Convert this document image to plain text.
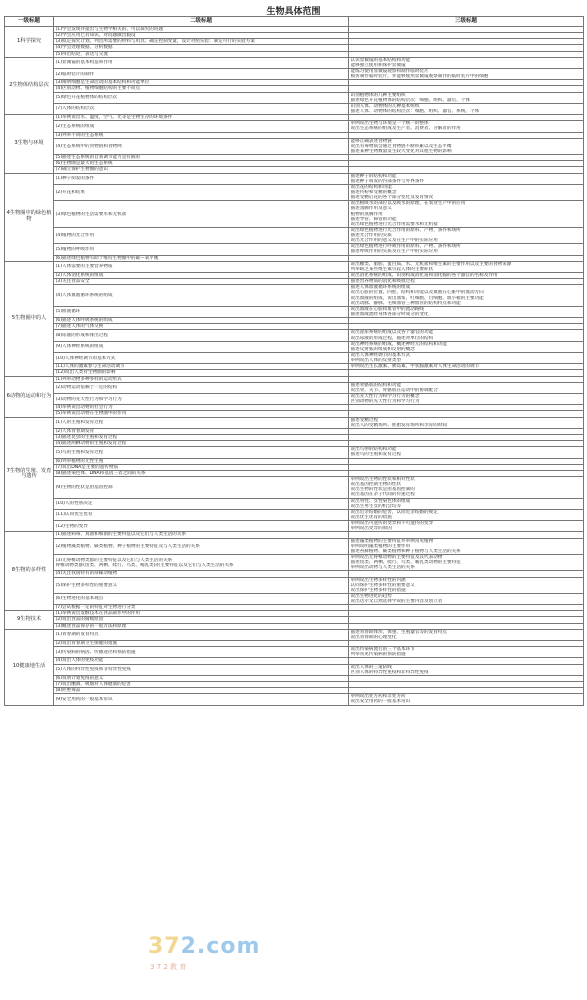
生物具体范围
一级标题	二级标题	三级标题
1科学探究	(1)学会发现并提出与生物学相关的、可以探究的问题	

	(2)学会应用已有知识，对问题做出假设	

	(3)拟定探究计划，列出所需要的材料与用具；确定控制变量，设计对照实验；制定可行的实验方案	

	(4)学会处理数据，分析数据	

	(5)得出结论，表达与交流	

2生物体结构层次	(1)显微镜的基本构造和作用	认识显微镜的基本结构和功能
能够独立使用和保护显微镜

	(2)临时装片的制作	能练习使用显微镜观察和制作临时装片
模仿制作临时装片，并能够使用显微镜观察制作的临时装片中的细胞

	(3)阐明细胞是生命活动的基本结构和功能单位	

	(4)区别动物、植物细胞结构的主要不同点	

	(5)绿色开花植物体的结构层次	识别植物体的几种主要组织
描述绿色开花植物体的结构层次：细胞、组织、器官、个体

	(7)人体的结构层次	识别人体、动物体的几种基本组织
描述人体、动物体的结构层次：细胞、组织、器官、系统、个体

3生物与环境	(1)举例说出水、温度、空气、光等是生物生存的环境条件	

	(2)生态系统的组成	举例说出生物与环境是一个统一的整体
说出生态系统的组成及生产者、消费者、分解者的作用

	(3)列举不同的生态系统	

	(4)生态系统中的食物链和食物网	能够正确表述食物链
说出有毒物质会通过食物链不断积累以及生态平衡
描述某种生物数量发生较大变化对其他生物的影响

	(5)描述生态系统的自我调节能力是有限的	

	(6)生物圈是最大的生态系统	

	(7)确立保护生物圈的意识	

4生物圈中的绿色植物	(1)种子萌发的条件	描述种子的结构和功能
描述种子萌发的内部条件与外界条件

	(2)开花和结果	说出花的结构和功能
描述传粉和受精的概念
描述受精后花的各个部分变化及发育情况

	(3)绿色植物的生活需要水和无机盐	说出根吸水的部位以及吸水的原理，在农业生产中的应用
描述蒸腾作用及意义
植物的蒸腾作用
描述导管、筛管的功能
说出绿色植物进行光合作用需要水和无机盐

	(4)植物的光合作用	说出绿色植物进行光合作用的原料、产物、条件和场所
描述光合作用的实质
说出光合作用的意义及在生产中的实际应用

	(5)植物的呼吸作用	说出绿色植物进行呼吸作用的原料、产物、条件和场所
描述呼吸作用的实质及在生产中的实际应用

	(6)描述绿色植物有助于维持生物圈中的碳—氧平衡	

5生物圈中的人	(1)人体需要的主要营养物质	说出糖类、脂肪、蛋白质、水、无机盐和维生素的主要作用以及主要的食物来源
列举缺乏某些维生素引起人体的主要症状

	(2)人体消化系统的组成	说出消化系统的组成，识别构成消化道和消化腺的各个器官的名称及作用

	(3)关注食品安全	描述营养物质的消化和吸收过程

	(4)人体血液循环系统的组成	描述人体血液循环系统的组成
说出心脏的位置、四腔、结构和功能以及血液在心脏中的流动方向
说出血液的组成，说出血浆、红细胞、白细胞、血小板的主要功能
说出动脉、静脉、毛细血管三种血管的结构特点和功能

	(5)血液循环	说出血液在心脏和血管中的流动路线
描述血液流经身体各部分时成分的变化

	(6)描述人体呼吸系统的组成	

	(7)描述人体的气体交换	

	(8)尿液的形成和排出过程	说出泌尿系统的组成以及各个器官的功能
说出尿液的形成过程，描述肾单位的结构

	(9)人体神经系统的组成	说出神经系统的组成，概述神经元的结构和功能
描述反射弧的组成和反射的概念

	(10)人体神经调节的基本方式	说出人体神经调节的基本方式
举例说出人体的反射类型

	(11)人体的激素参与生命活动调节	举例说出生长激素、胰岛素、甲状腺激素对人体生命活动的调节

	(12)说出人类对生物圈的影响	

6动物的运动和行为	(1)列举动物多种多样的运动形式	

	(2)动物运动依赖于一定的结构	描述骨骼肌的结构和功能
说出骨、关节、骨骼肌在运动中的协调配合

	(3)动物的先天性行为和学习行为	说出先天性行为和学习行为的概念
区别动物的先天性行为和学习行为

	(4)举例说出动物的社会行为	

	(5)举例说出动物在生物圈中的作用	

7生物的生殖、发育与遗传	(1)人的生殖和发育过程	描述受精过程
说出人的受精场所、胚胎发育场所和孕育的时间

	(2)人体青春期发育	

	(3)描述昆虫的生殖和发育过程	

	(4)描述两栖动物的生殖和发育过程	

	(5)鸟的生殖和发育过程	说出鸟卵的结构和功能
描述鸟的生殖和发育过程

	(6)列举植物的无性生殖	

	(7)说出DNA是主要的遗传物质	

	(8)描述染色体、DNA和基因三者之间的关系	

	(9)生物的性状是由基因控制	举例说出生物的性状和相对性状
说出基因控制生物的性状
说出生物的性状是由基因控制的
说出基因在亲子代间的传递过程

	(10)人的性别决定	说出男性、女性染色体的组成
说出生男生女的机会均等

	(11)认同优生优育	说出近亲结婚的危害，认同近亲结婚的规定
说出优生优育的措施

	(12)生物的变异	举例说出可遗传的变异和不可遗传的变异
举例说出变异的原因

8生物的多样性	(1)描述病毒、真菌和细菌的主要特征以及它们与人类生活的关系	

	(2)植物藻类植物、蕨类植物、种子植物的主要特征及与人类生活的关系	描述藻类植物的主要特征并举例常见植物
举例说明藻类植物的主要作用
描述苔藓植物、蕨类植物和种子植物与人类生活的关系

	(3)无脊椎动物类群的主要特征以及它们与人类生活的关系
脊椎动物类群(鱼类、两栖、爬行、鸟类、哺乳类)的主要特征以及它们与人类生活的关系	举例说出无脊椎动物的主要特征及其代表动物
描述鱼类、两栖、爬行、鸟类、哺乳类动物的主要特征
举例说出动物与人类生活的关系

	(4)关注我国特有的珍稀动植物	

	(5)保护生物多样性的重要意义	举例说出生物多样性的内涵
认同保护生物多样性的重要意义
说出保护生物多样性的措施

	(6)生物进化的基本观点	说出生物进化的趋势
说出达尔文自然选择学说的主要内容及创立者

	(7)尝试根据一定的特征对生物进行分类	

9生物技术	(1)举例说出发酵技术在食品制作中的作用	

	(2)说出食品的腐败原因	

	(3)概述食品保存的一般方法和原理	

10健康地生活	(1)青春期的发育特点	描述青春期体形、体重、生殖器官等的发育特点
说出青春期的心理变化

	(2)说出青春期卫生保健的措施	

	(3)传染病的病因、传播途径和预防措施	说出传染病流行的三个基本环节
列举常见传染病的预防措施

	(4)说出人体的免疫功能	

	(5)人体的特异性免疫和非特异性免疫	说出人体的三道防线
区别人体的特异性免疫和非特异性免疫

	(6)说明计划免疫的意义	

	(7)说出酗酒、吸烟对人体健康的危害	

	(8)拒绝毒品	

	(9)安全用药的一般基本常识	举例说出处方药和非处方药
说出安全用药的一般基本常识
372.com
3 7 2 教 育
